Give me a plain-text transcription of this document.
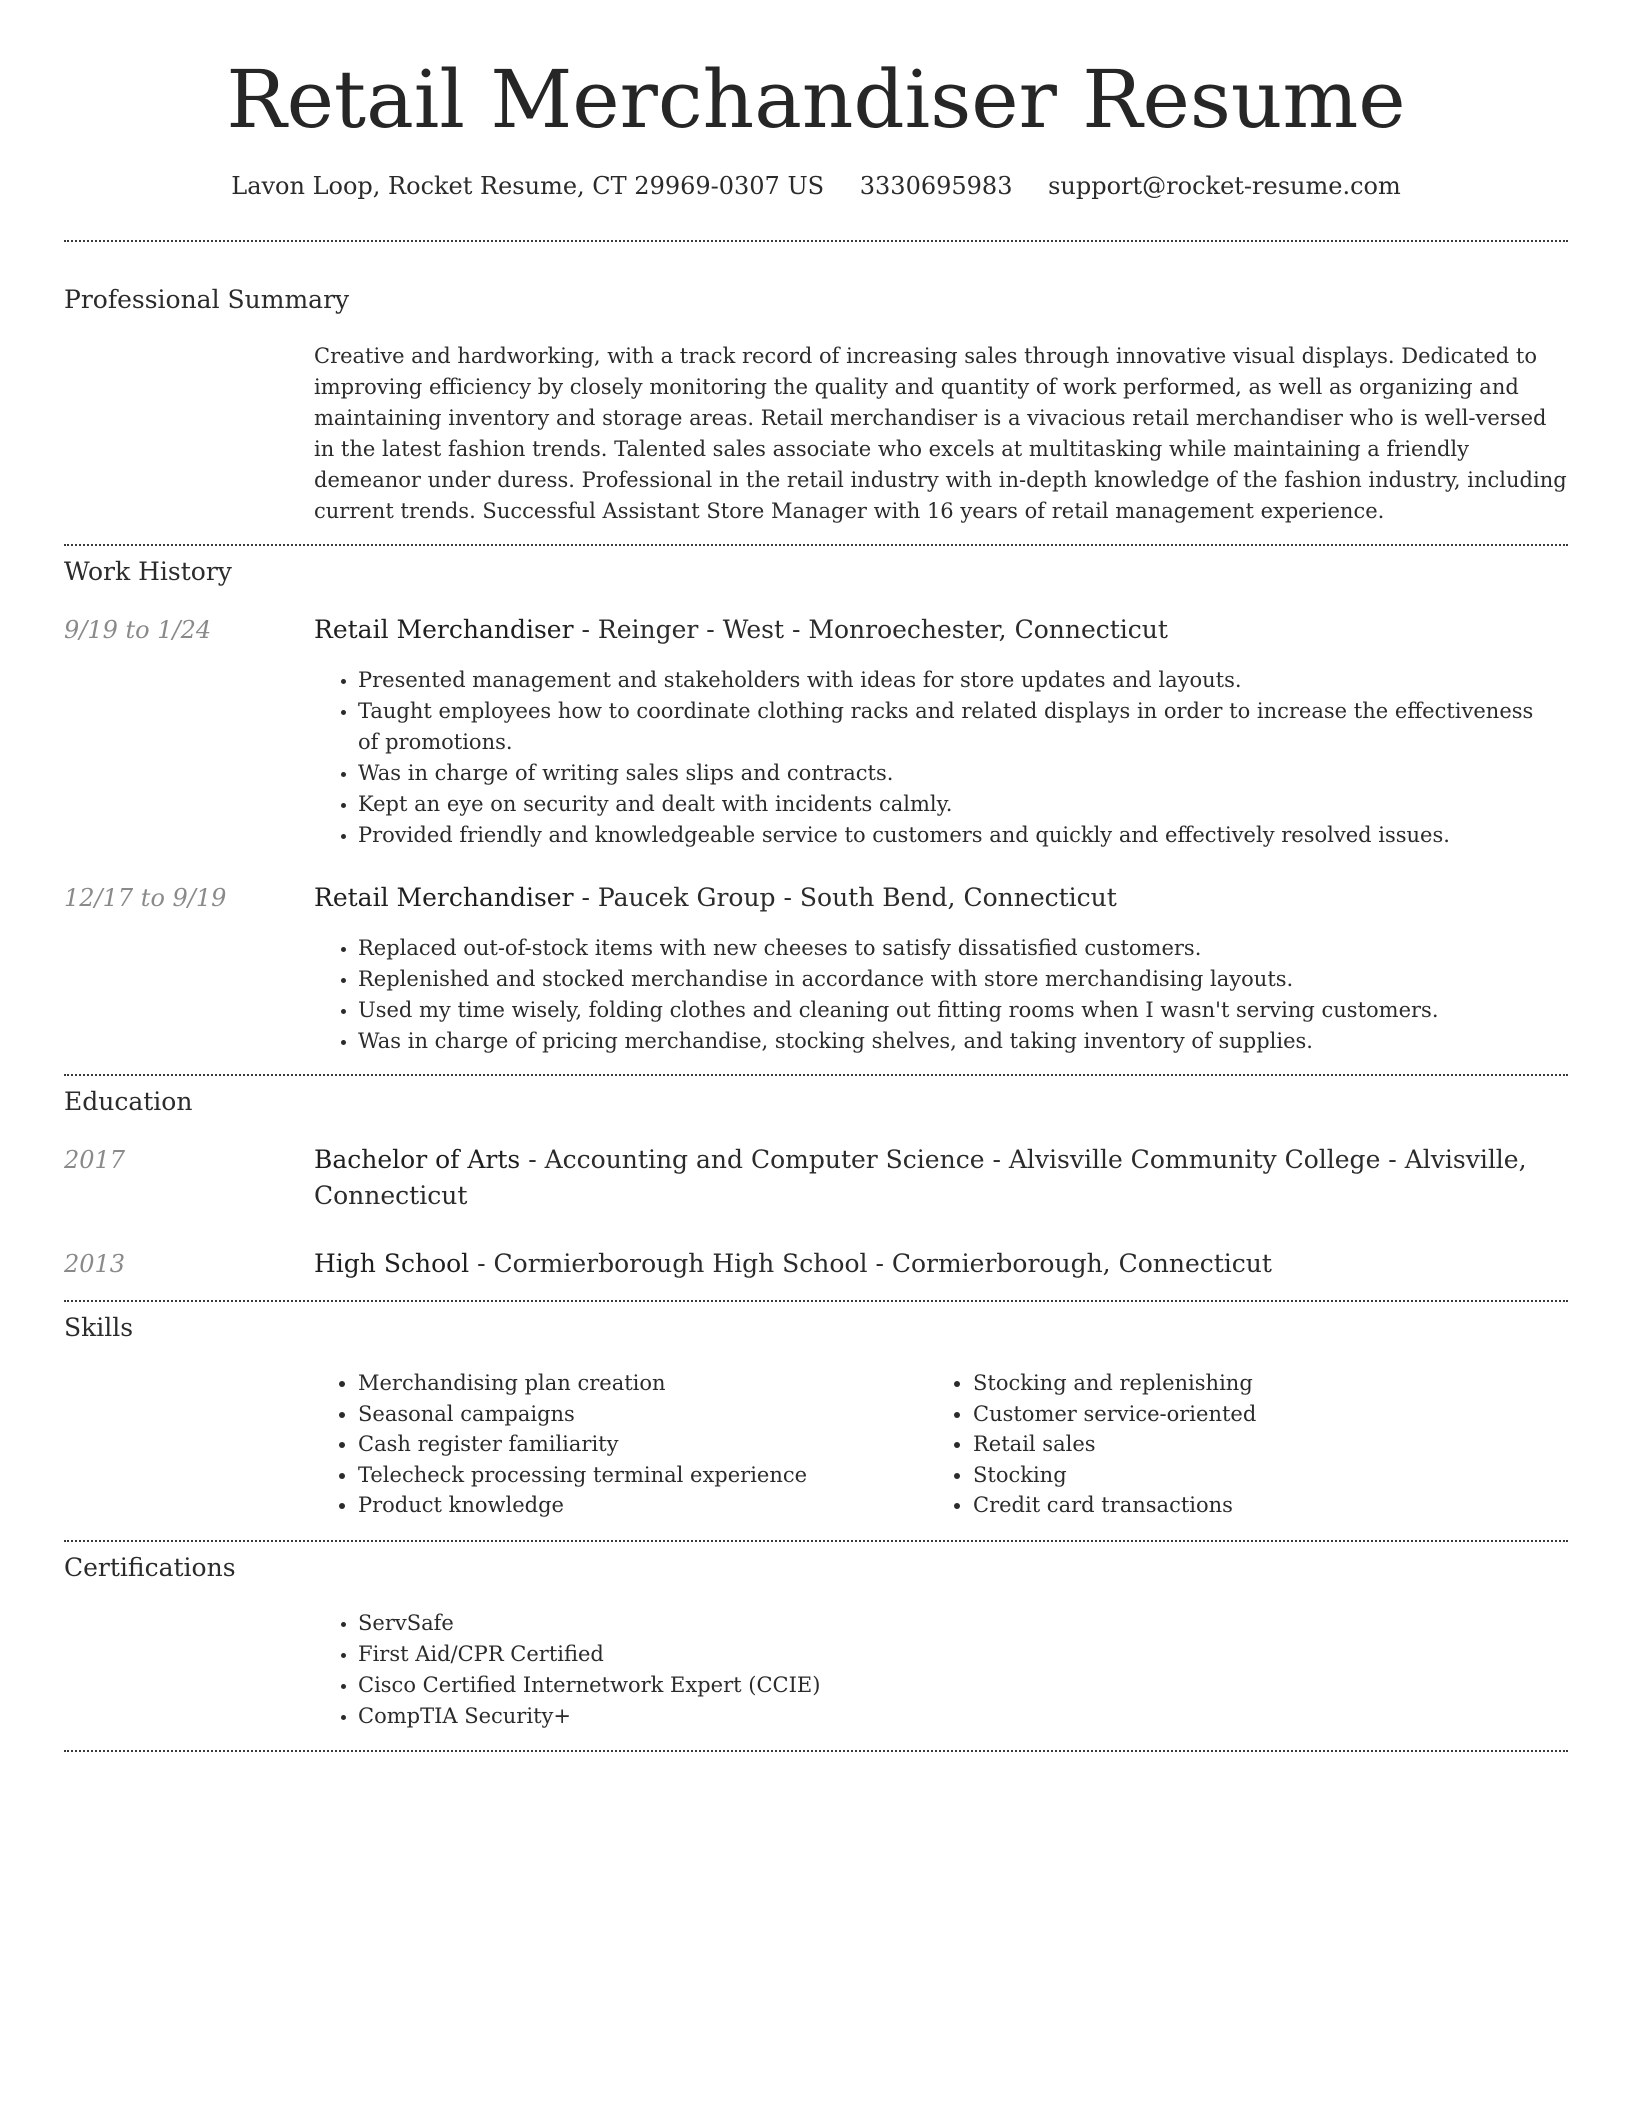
Retail Merchandiser Resume
Lavon Loop, Rocket Resume, CT 29969-0307 US 3330695983 support@rocket-resume.com
Professional Summary

Creative and hardworking, with a track record of increasing sales through innovative visual displays. Dedicated to improving efficiency by closely monitoring the quality and quantity of work performed, as well as organizing and maintaining inventory and storage areas. Retail merchandiser is a vivacious retail merchandiser who is well-versed in the latest fashion trends. Talented sales associate who excels at multitasking while maintaining a friendly demeanor under duress. Professional in the retail industry with in-depth knowledge of the fashion industry, including current trends. Successful Assistant Store Manager with 16 years of retail management experience.

Work History
9/19 to 1/24	Retail Merchandiser - Reinger - West - Monroechester, Connecticut
• Presented management and stakeholders with ideas for store updates and layouts.
• Taught employees how to coordinate clothing racks and related displays in order to increase the effectiveness of promotions.
• Was in charge of writing sales slips and contracts.
• Kept an eye on security and dealt with incidents calmly.
• Provided friendly and knowledgeable service to customers and quickly and effectively resolved issues.
12/17 to 9/19	Retail Merchandiser - Paucek Group - South Bend, Connecticut
• Replaced out-of-stock items with new cheeses to satisfy dissatisfied customers.
• Replenished and stocked merchandise in accordance with store merchandising layouts.
• Used my time wisely, folding clothes and cleaning out fitting rooms when I wasn't serving customers.
• Was in charge of pricing merchandise, stocking shelves, and taking inventory of supplies.
Education
2017	Bachelor of Arts - Accounting and Computer Science - Alvisville Community College - Alvisville, Connecticut
2013	High School - Cormierborough High School - Cormierborough, Connecticut
Skills
• Merchandising plan creation
• Seasonal campaigns
• Cash register familiarity
• Telecheck processing terminal experience
• Product knowledge
• Stocking and replenishing
• Customer service-oriented
• Retail sales
• Stocking
• Credit card transactions
Certifications
• ServSafe
• First Aid/CPR Certified
• Cisco Certified Internetwork Expert (CCIE)
• CompTIA Security+
